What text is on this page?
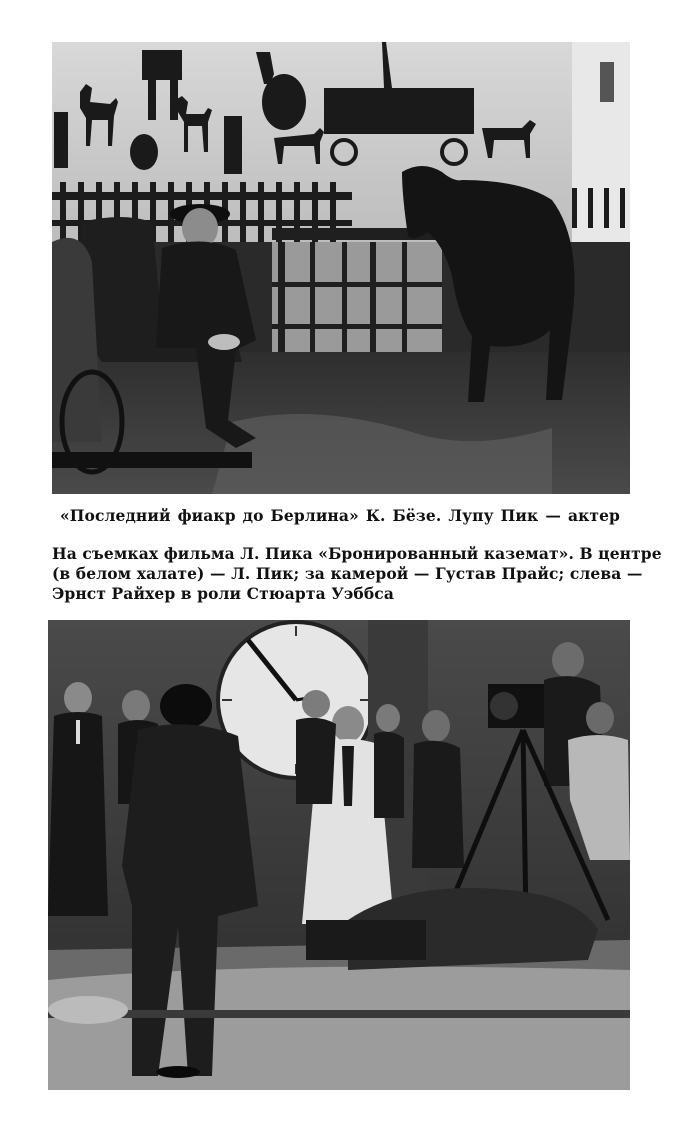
«Последний фиакр до Берлина» К. Бёзе. Лупу Пик — актер

На съемках фильма Л. Пика «Бронированный каземат». В центре
(в белом халате) — Л. Пик; за камерой — Густав Прайс; слева —
Эрнст Райхер в роли Стюарта Уэббса
